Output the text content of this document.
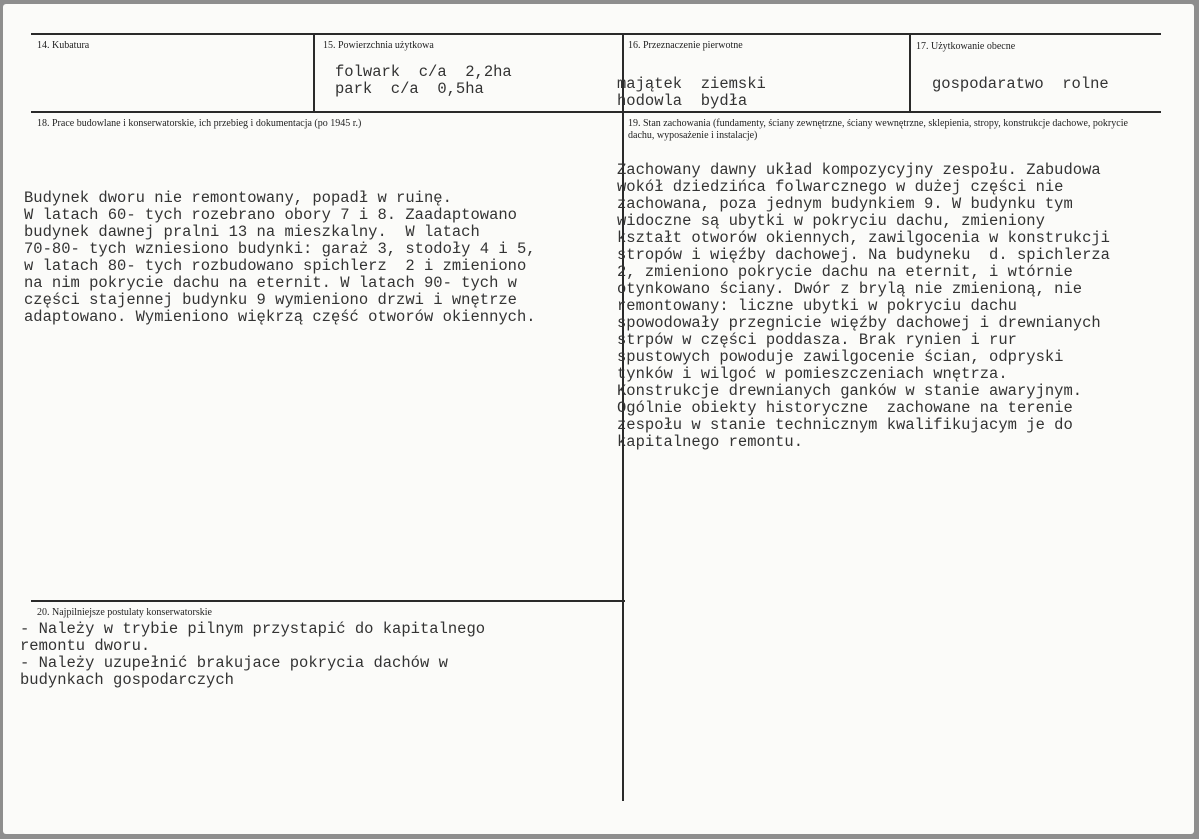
14. Kubatura	15. Powierzchnia użytkowa
folwark  c/a  2,2ha
park  c/a  0,5ha
16. Przeznaczenie pierwotne
majątek  ziemski
hodowla  bydła
17. Użytkowanie obecne
gospodaratwo  rolne
18. Prace budowlane i konserwatorskie, ich przebieg i dokumentacja (po 1945 r.)
Budynek dworu nie remontowany, popadł w ruinę.
W latach 60- tych rozebrano obory 7 i 8. Zaadaptowano
budynek dawnej pralni 13 na mieszkalny.  W latach
70-80- tych wzniesiono budynki: garaż 3, stodoły 4 i 5,
w latach 80- tych rozbudowano spichlerz  2 i zmieniono
na nim pokrycie dachu na eternit. W latach 90- tych w
części stajennej budynku 9 wymieniono drzwi i wnętrze
adaptowano. Wymieniono więkrzą część otworów okiennych.
19. Stan zachowania (fundamenty, ściany zewnętrzne, ściany wewnętrzne, sklepienia, stropy, konstrukcje dachowe, pokrycie dachu, wyposażenie i instalacje)
Zachowany dawny układ kompozycyjny zespołu. Zabudowa
wokół dziedzińca folwarcznego w dużej części nie
zachowana, poza jednym budynkiem 9. W budynku tym
widoczne są ubytki w pokryciu dachu, zmieniony
kształt otworów okiennych, zawilgocenia w konstrukcji
stropów i więźby dachowej. Na budyneku  d. spichlerza
2, zmieniono pokrycie dachu na eternit, i wtórnie
otynkowano ściany. Dwór z brylą nie zmienioną, nie
remontowany: liczne ubytki w pokryciu dachu
spowodowały przegnicie więźby dachowej i drewnianych
strpów w części poddasza. Brak rynien i rur
spustowych powoduje zawilgocenie ścian, odpryski
tynków i wilgoć w pomieszczeniach wnętrza.
Konstrukcje drewnianych ganków w stanie awaryjnym.
Ogólnie obiekty historyczne  zachowane na terenie
zespołu w stanie technicznym kwalifikujacym je do
kapitalnego remontu.
20. Najpilniejsze postulaty konserwatorskie
- Należy w trybie pilnym przystapić do kapitalnego
remontu dworu.
- Należy uzupełnić brakujace pokrycia dachów w
budynkach gospodarczych
